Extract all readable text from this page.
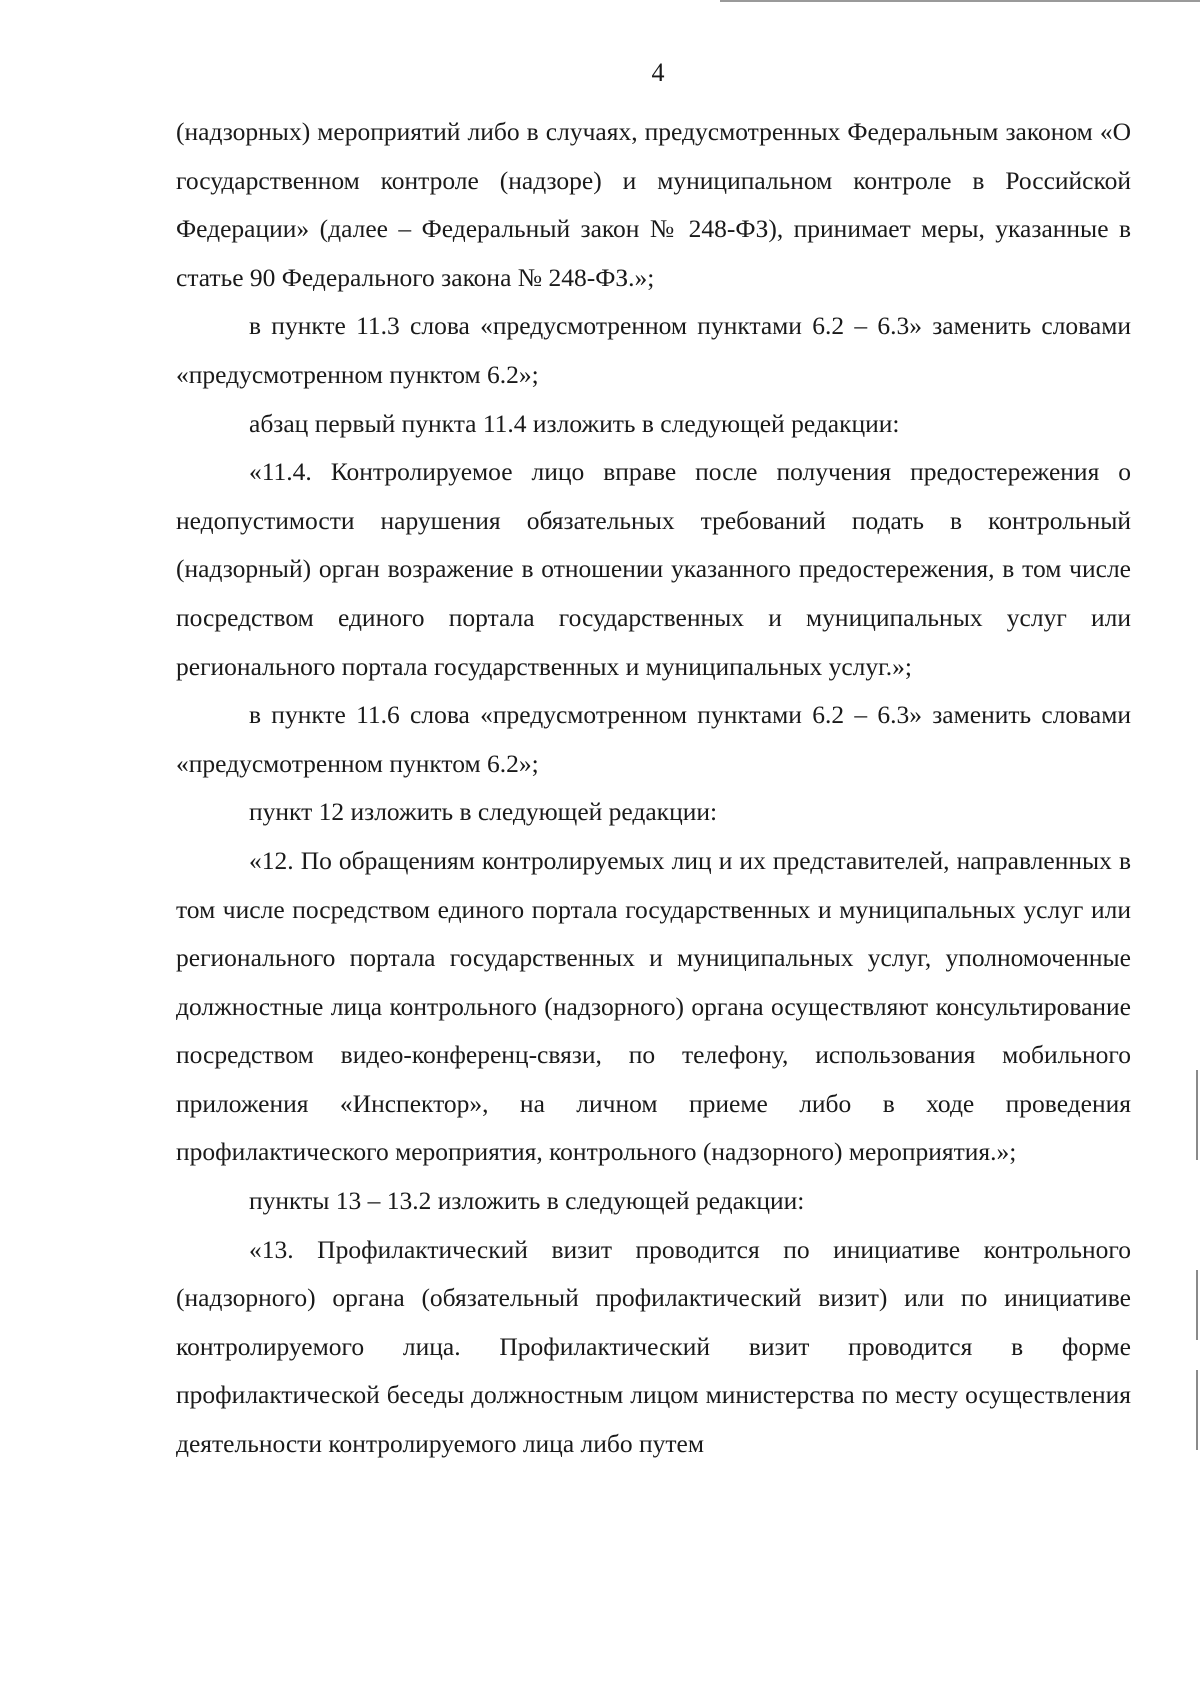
4

(надзорных) мероприятий либо в случаях, предусмотренных Федеральным законом «О государственном контроле (надзоре) и муниципальном контроле в Российской Федерации» (далее – Федеральный закон № 248-ФЗ), принимает меры, указанные в статье 90 Федерального закона № 248-ФЗ.»;

в пункте 11.3 слова «предусмотренном пунктами 6.2 – 6.3» заменить словами «предусмотренном пунктом 6.2»;

абзац первый пункта 11.4 изложить в следующей редакции:

«11.4. Контролируемое лицо вправе после получения предостережения о недопустимости нарушения обязательных требований подать в контрольный (надзорный) орган возражение в отношении указанного предостережения, в том числе посредством единого портала государственных и муниципальных услуг или регионального портала государственных и муниципальных услуг.»;

в пункте 11.6 слова «предусмотренном пунктами 6.2 – 6.3» заменить словами «предусмотренном пунктом 6.2»;

пункт 12 изложить в следующей редакции:

«12. По обращениям контролируемых лиц и их представителей, направленных в том числе посредством единого портала государственных и муниципальных услуг или регионального портала государственных и муниципальных услуг, уполномоченные должностные лица контрольного (надзорного) органа осуществляют консультирование посредством видео-конференц-связи, по телефону, использования мобильного приложения «Инспектор», на личном приеме либо в ходе проведения профилактического мероприятия, контрольного (надзорного) мероприятия.»;

пункты 13 – 13.2 изложить в следующей редакции:

«13. Профилактический визит проводится по инициативе контрольного (надзорного) органа (обязательный профилактический визит) или по инициативе контролируемого лица. Профилактический визит проводится в форме профилактической беседы должностным лицом министерства по месту осуществления деятельности контролируемого лица либо путем
